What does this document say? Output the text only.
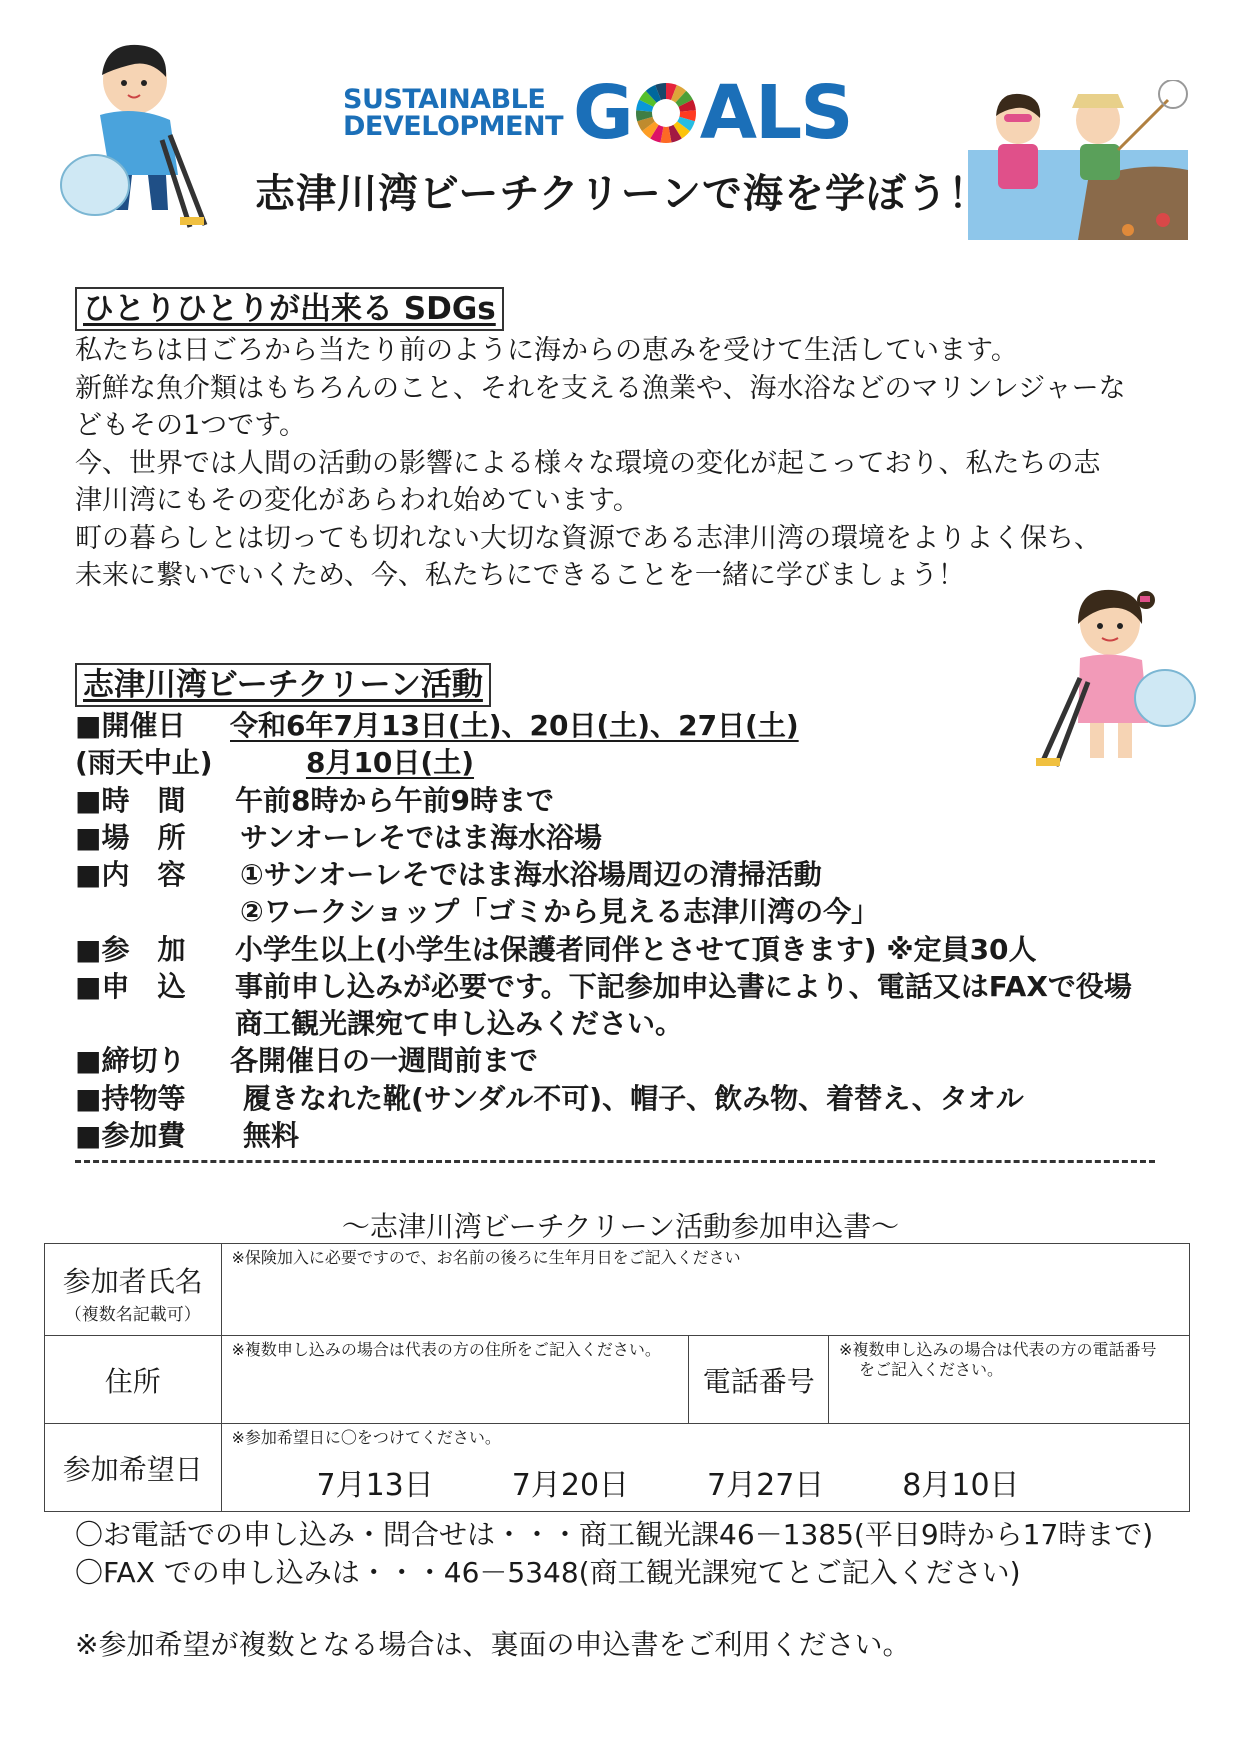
SUSTAINABLE
DEVELOPMENT G ALS
志津川湾ビーチクリーンで海を学ぼう！
ひとりひとりが出来る SDGs

私たちは日ごろから当たり前のように海からの恵みを受けて生活しています。

新鮮な魚介類はもちろんのこと、それを支える漁業や、海水浴などのマリンレジャーな

どもその1つです。

今、世界では人間の活動の影響による様々な環境の変化が起こっており、私たちの志

津川湾にもその変化があらわれ始めています。

町の暮らしとは切っても切れない大切な資源である志津川湾の環境をよりよく保ち、

未来に繋いでいくため、今、私たちにできることを一緒に学びましょう！

志津川湾ビーチクリーン活動
■開催日 令和6年7月13日(土)、20日(土)、27日(土)
(雨天中止)	8月10日(土)
■時　間 午前8時から午前9時まで
■場　所 サンオーレそではま海水浴場
■内　容 ①サンオーレそではま海水浴場周辺の清掃活動
②ワークショップ「ゴミから見える志津川湾の今」
■参　加 小学生以上(小学生は保護者同伴とさせて頂きます) ※定員30人
■申　込 事前申し込みが必要です。下記参加申込書により、電話又はFAXで役場
商工観光課宛て申し込みください。
■締切り 各開催日の一週間前まで
■持物等 履きなれた靴(サンダル不可)、帽子、飲み物、着替え、タオル
■参加費 無料
～志津川湾ビーチクリーン活動参加申込書～
参加者氏名
（複数名記載可）	※保険加入に必要ですので、お名前の後ろに生年月日をご記入ください		

住所	※複数申し込みの場合は代表の方の住所をご記入ください。	電話番号	※複数申し込みの場合は代表の方の電話番号
をご記入ください。

参加希望日	※参加希望日に〇をつけてください。
7月13日 7月20日 7月27日 8月10日		
〇お電話での申し込み・問合せは・・・商工観光課46－1385(平日9時から17時まで)
〇FAX での申し込みは・・・46－5348(商工観光課宛てとご記入ください)
※参加希望が複数となる場合は、裏面の申込書をご利用ください。
